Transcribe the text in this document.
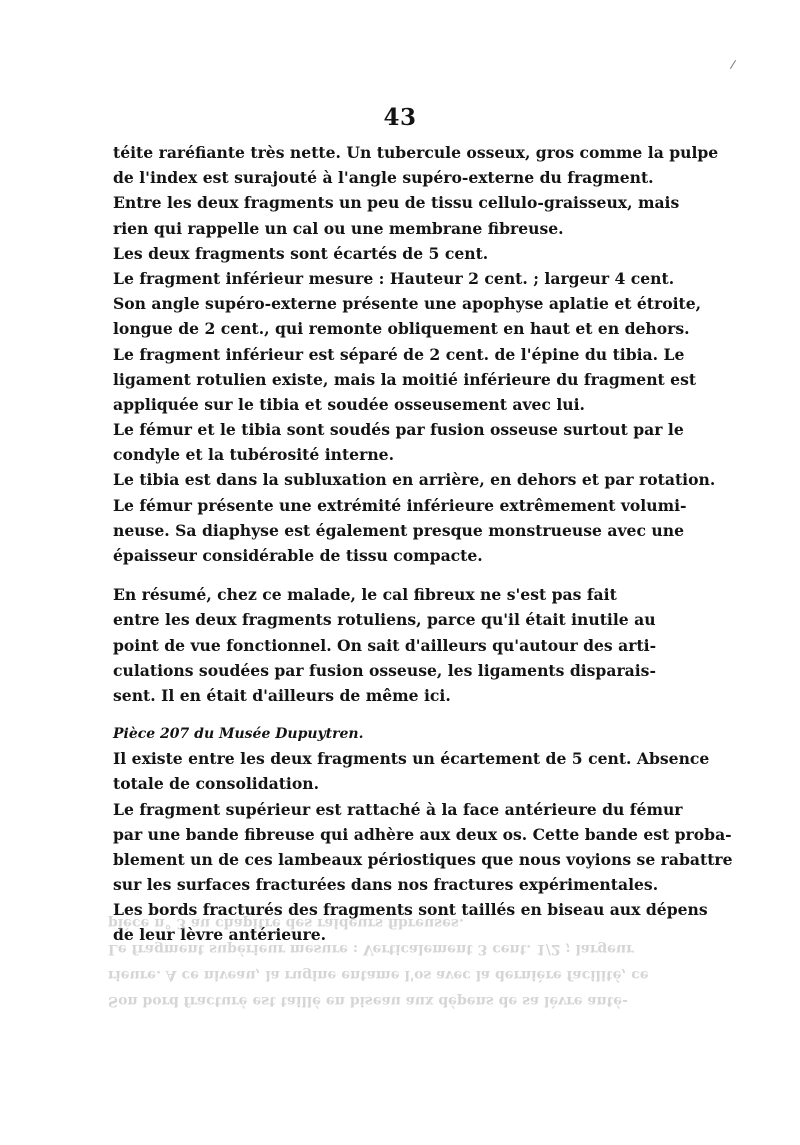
43
téite raréfiante très nette. Un tubercule osseux, gros comme la pulpe
de l'index est surajouté à l'angle supéro-externe du fragment.
Entre les deux fragments un peu de tissu cellulo-graisseux, mais
rien qui rappelle un cal ou une membrane fibreuse.
Les deux fragments sont écartés de 5 cent.
Le fragment inférieur mesure : Hauteur 2 cent. ; largeur 4 cent.
Son angle supéro-externe présente une apophyse aplatie et étroite,
longue de 2 cent., qui remonte obliquement en haut et en dehors.
Le fragment inférieur est séparé de 2 cent. de l'épine du tibia. Le
ligament rotulien existe, mais la moitié inférieure du fragment est
appliquée sur le tibia et soudée osseusement avec lui.
Le fémur et le tibia sont soudés par fusion osseuse surtout par le
condyle et la tubérosité interne.
Le tibia est dans la subluxation en arrière, en dehors et par rotation.
Le fémur présente une extrémité inférieure extrêmement volumi-
neuse. Sa diaphyse est également presque monstrueuse avec une
épaisseur considérable de tissu compacte.
En résumé, chez ce malade, le cal fibreux ne s'est pas fait
entre les deux fragments rotuliens, parce qu'il était inutile au
point de vue fonctionnel. On sait d'ailleurs qu'autour des arti-
culations soudées par fusion osseuse, les ligaments disparais-
sent. Il en était d'ailleurs de même ici.
Pièce 207 du Musée Dupuytren.
Il existe entre les deux fragments un écartement de 5 cent. Absence
totale de consolidation.
Le fragment supérieur est rattaché à la face antérieure du fémur
par une bande fibreuse qui adhère aux deux os. Cette bande est proba-
blement un de ces lambeaux périostiques que nous voyions se rabattre
sur les surfaces fracturées dans nos fractures expérimentales.
Les bords fracturés des fragments sont taillés en biseau aux dépens
de leur lèvre antérieure.
Son bord fracturé est taillé en biseau aux dépens de sa lèvre anté-
rieure. A ce niveau, la rugine entame l'os avec la dernière facilité, ce
Le fragment supérieur mesure : Verticalement 3 cent. 1/2 ; largeur
pièce n° 3 au chapitre des raideurs fibreuses.
